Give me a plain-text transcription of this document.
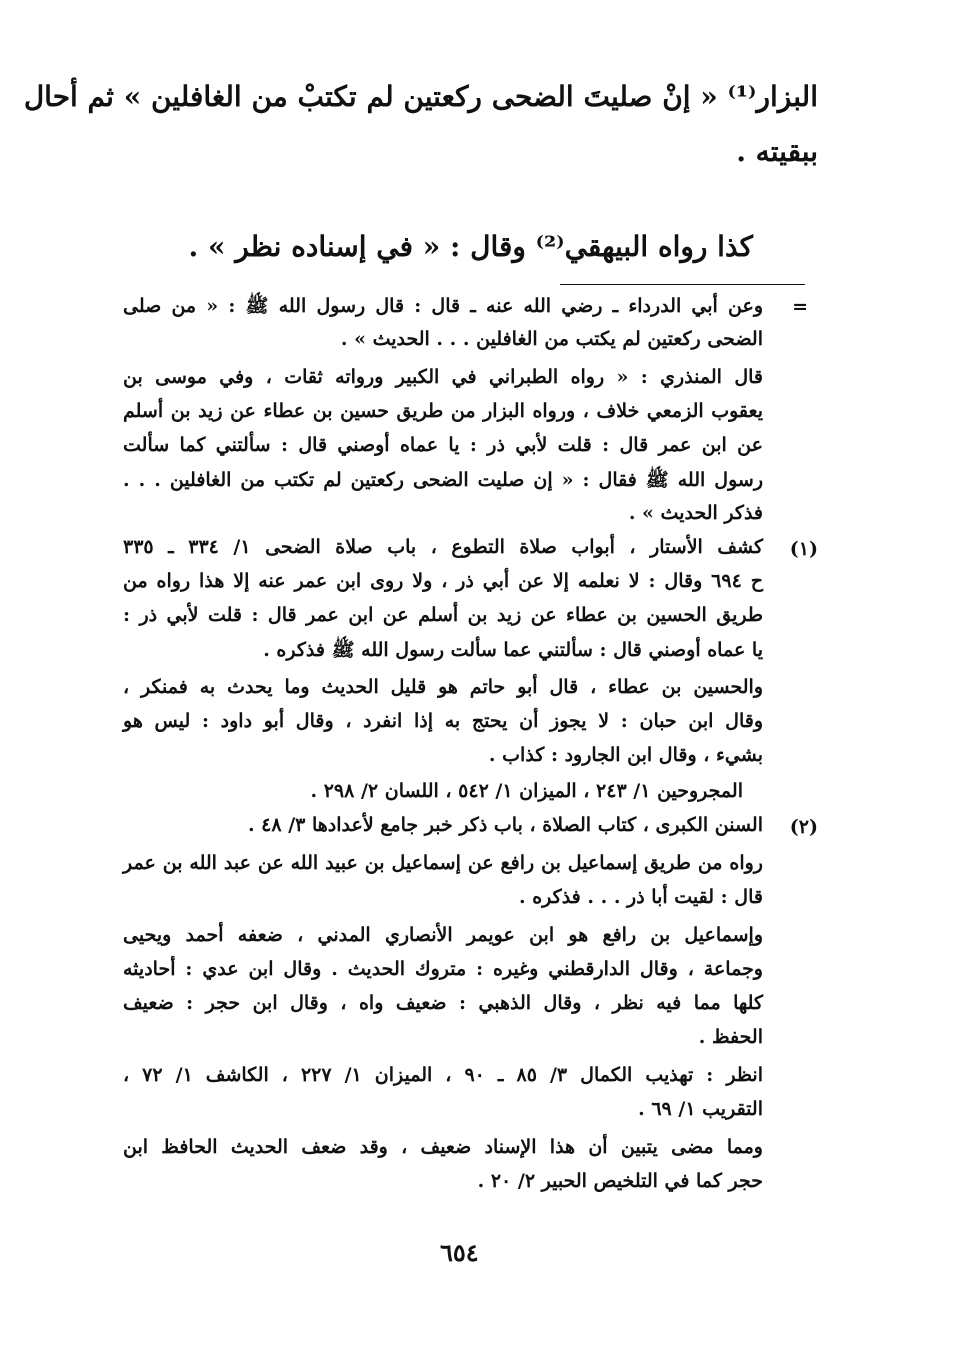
البزار⁽¹⁾ « إنْ صليتَ الضحى ركعتين لم تكتبْ من الغافلين » ثم أحال
ببقيته .
كذا رواه البيهقي⁽²⁾ وقال : « في إسناده نظر » .
=
وعن أبي الدرداء ـ رضي الله عنه ـ قال : قال رسول الله ﷺ : « من صلى
الضحى ركعتين لم يكتب من الغافلين . . . الحديث » .
قال المنذري : « رواه الطبراني في الكبير ورواته ثقات ، وفي موسى بن
يعقوب الزمعي خلاف ، ورواه البزار من طريق حسين بن عطاء عن زيد بن أسلم
عن ابن عمر قال : قلت لأبي ذر : يا عماه أوصني قال : سألتني كما سألت
رسول الله ﷺ فقال : « إن صليت الضحى ركعتين لم تكتب من الغافلين . . .
فذكر الحديث » .
(١)
كشف الأستار ، أبواب صلاة التطوع ، باب صلاة الضحى ١/ ٣٣٤ ـ ٣٣٥
ح ٦٩٤ وقال : لا نعلمه إلا عن أبي ذر ، ولا روى ابن عمر عنه إلا هذا رواه من
طريق الحسين بن عطاء عن زيد بن أسلم عن ابن عمر قال : قلت لأبي ذر :
يا عماه أوصني قال : سألتني عما سألت رسول الله ﷺ فذكره .
والحسين بن عطاء ، قال أبو حاتم هو قليل الحديث وما يحدث به فمنكر ،
وقال ابن حبان : لا يجوز أن يحتج به إذا انفرد ، وقال أبو داود : ليس هو
بشيء ، وقال ابن الجارود : كذاب .
المجروحين ١/ ٢٤٣ ، الميزان ١/ ٥٤٢ ، اللسان ٢/ ٢٩٨ .
(٢)
السنن الكبرى ، كتاب الصلاة ، باب ذكر خبر جامع لأعدادها ٣/ ٤٨ .
رواه من طريق إسماعيل بن رافع عن إسماعيل بن عبيد الله عن عبد الله بن عمر
قال : لقيت أبا ذر . . . فذكره .
وإسماعيل بن رافع هو ابن عويمر الأنصاري المدني ، ضعفه أحمد ويحيى
وجماعة ، وقال الدارقطني وغيره : متروك الحديث . وقال ابن عدي : أحاديثه
كلها مما فيه نظر ، وقال الذهبي : ضعيف واه ، وقال ابن حجر : ضعيف
الحفظ .
انظر : تهذيب الكمال ٣/ ٨٥ ـ ٩٠ ، الميزان ١/ ٢٢٧ ، الكاشف ١/ ٧٢ ،
التقريب ١/ ٦٩ .
ومما مضى يتبين أن هذا الإسناد ضعيف ، وقد ضعف الحديث الحافظ ابن
حجر كما في التلخيص الحبير ٢/ ٢٠ .
٦٥٤
